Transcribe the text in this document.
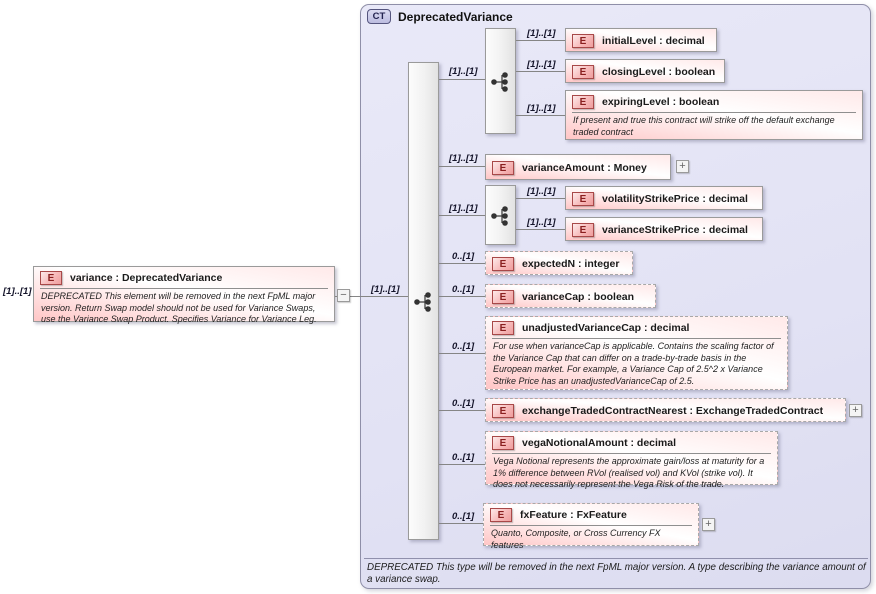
CT	DeprecatedVariance
DEPRECATED This type will be removed in the next FpML major version. A type describing the variance amount of a variance swap.
[1]..[1]
E	variance : DeprecatedVariance
DEPRECATED This element will be removed in the next FpML major version. Return Swap model should not be used for Variance Swaps, use the Variance Swap Product. Specifies Variance for Variance Leg.
−	[1]..[1]
[1]..[1]
[1]..[1]
E	initialLevel : decimal
[1]..[1]
E	closingLevel : boolean
[1]..[1]
E	expiringLevel : boolean
If present and true this contract will strike off the default exchange traded contract
[1]..[1]
E	varianceAmount : Money	+
[1]..[1]
[1]..[1]
E	volatilityStrikePrice : decimal
[1]..[1]
E	varianceStrikePrice : decimal
0..[1]
E	expectedN : integer
0..[1]
E	varianceCap : boolean
0..[1]
E	unadjustedVarianceCap : decimal
For use when varianceCap is applicable. Contains the scaling factor of the Variance Cap that can differ on a trade-by-trade basis in the European market. For example, a Variance Cap of 2.5^2 x Variance Strike Price has an unadjustedVarianceCap of 2.5.
0..[1]
E	exchangeTradedContractNearest : ExchangeTradedContract	+
0..[1]
E	vegaNotionalAmount : decimal
Vega Notional represents the approximate gain/loss at maturity for a 1% difference between RVol (realised vol) and KVol (strike vol). It does not necessarily represent the Vega Risk of the trade.
0..[1]	E	fxFeature : FxFeature
Quanto, Composite, or Cross Currency FX features
+
